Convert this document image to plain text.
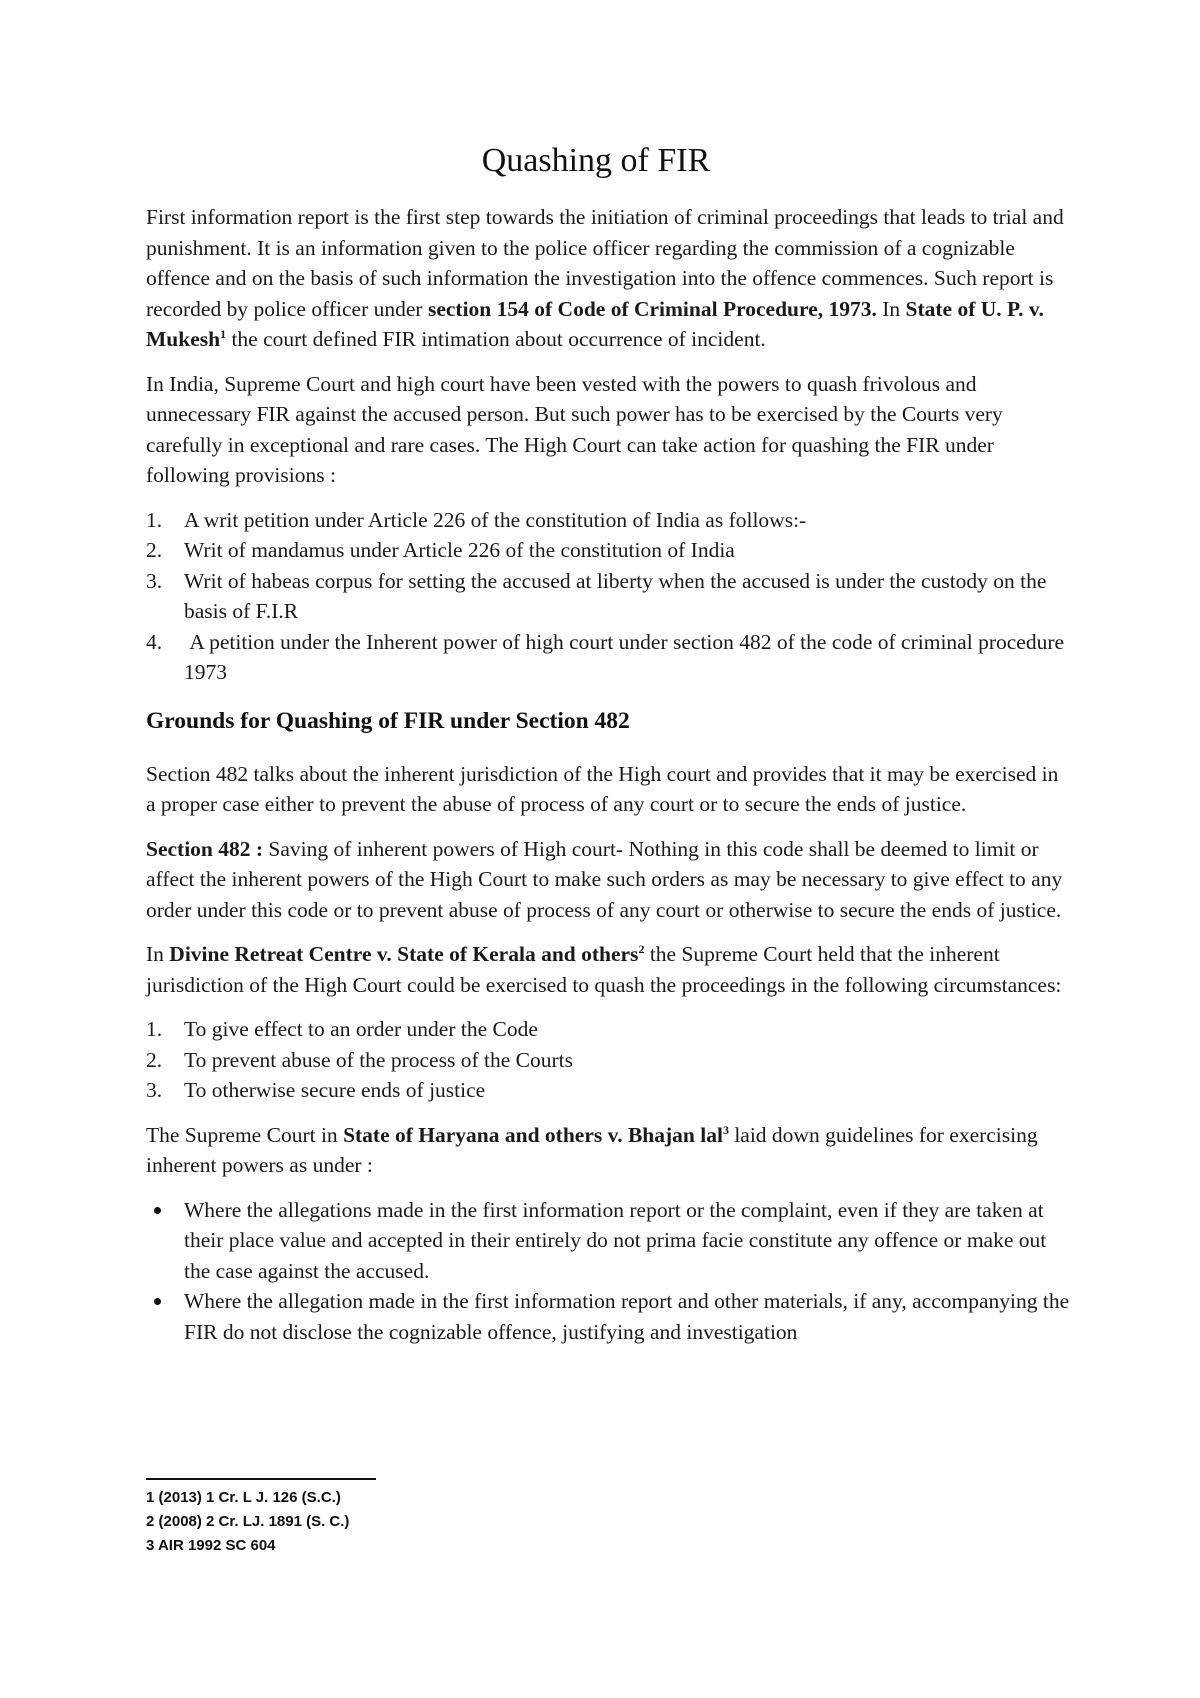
Quashing of FIR

First information report is the first step towards the initiation of criminal proceedings that leads to trial and punishment. It is an information given to the police officer regarding the commission of a cognizable offence and on the basis of such information the investigation into the offence commences. Such report is recorded by police officer under section 154 of Code of Criminal Procedure, 1973. In State of U. P. v. Mukesh$^1$ the court defined FIR intimation about occurrence of incident.

In India, Supreme Court and high court have been vested with the powers to quash frivolous and unnecessary FIR against the accused person. But such power has to be exercised by the Courts very carefully in exceptional and rare cases. The High Court can take action for quashing the FIR under following provisions :

1. A writ petition under Article 226 of the constitution of India as follows:-
2. Writ of mandamus under Article 226 of the constitution of India
3. Writ of habeas corpus for setting the accused at liberty when the accused is under the custody on the basis of F.I.R
4. A petition under the Inherent power of high court under section 482 of the code of criminal procedure 1973
Grounds for Quashing of FIR under Section 482

Section 482 talks about the inherent jurisdiction of the High court and provides that it may be exercised in a proper case either to prevent the abuse of process of any court or to secure the ends of justice.

Section 482 : Saving of inherent powers of High court- Nothing in this code shall be deemed to limit or affect the inherent powers of the High Court to make such orders as may be necessary to give effect to any order under this code or to prevent abuse of process of any court or otherwise to secure the ends of justice.

In Divine Retreat Centre v. State of Kerala and others$^2$ the Supreme Court held that the inherent jurisdiction of the High Court could be exercised to quash the proceedings in the following circumstances:

1. To give effect to an order under the Code
2. To prevent abuse of the process of the Courts
3. To otherwise secure ends of justice

The Supreme Court in State of Haryana and others v. Bhajan lal$^3$ laid down guidelines for exercising inherent powers as under :

Where the allegations made in the first information report or the complaint, even if they are taken at their place value and accepted in their entirely do not prima facie constitute any offence or make out the case against the accused.
Where the allegation made in the first information report and other materials, if any, accompanying the FIR do not disclose the cognizable offence, justifying and investigation
1 (2013) 1 Cr. L J. 126 (S.C.)
2 (2008) 2 Cr. LJ. 1891 (S. C.)
3 AIR 1992 SC 604
